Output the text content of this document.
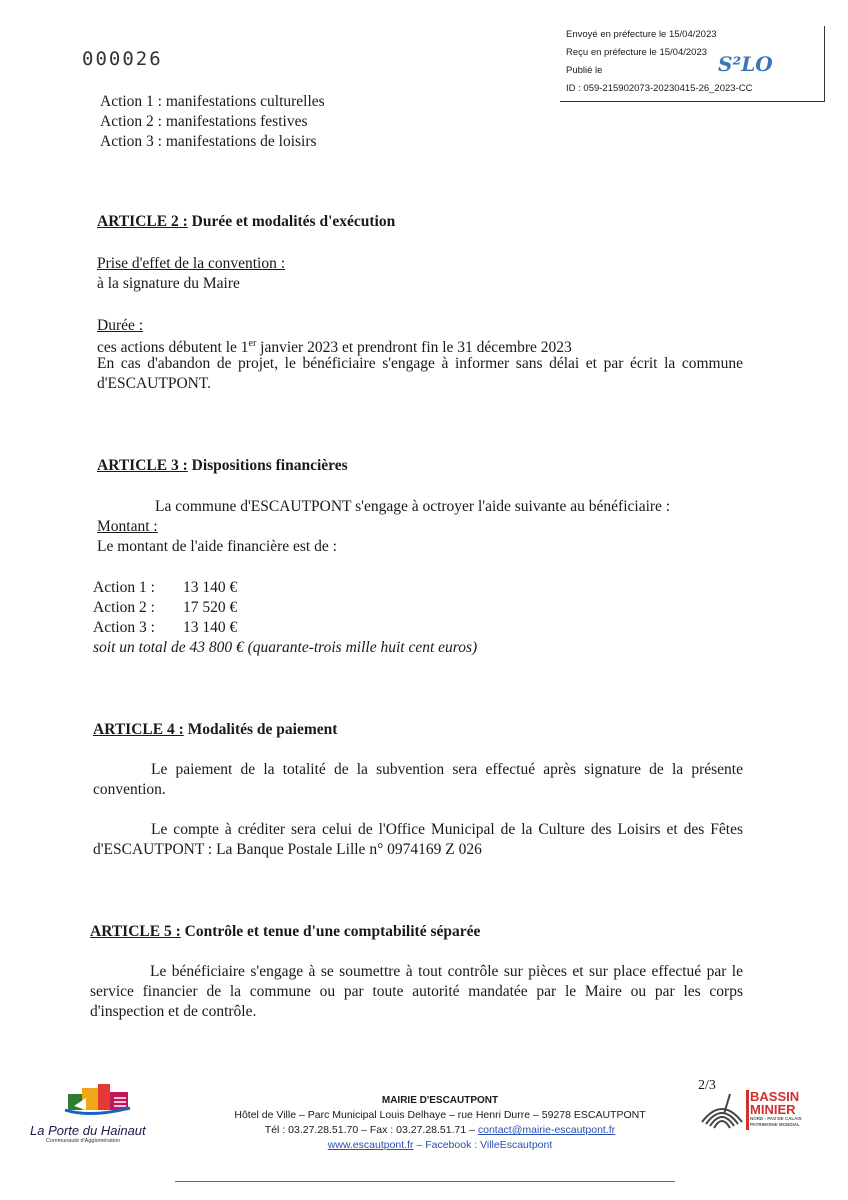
000026
Envoyé en préfecture le 15/04/2023
Reçu en préfecture le 15/04/2023
Publié le
ID : 059-215902073-20230415-26_2023-CC
S²LO
Action 1 : manifestations culturelles
Action 2 : manifestations festives
Action 3 : manifestations de loisirs
ARTICLE 2 : Durée et modalités d'exécution
Prise d'effet de la convention :
à la signature du Maire
Durée :
ces actions débutent le 1er janvier 2023 et prendront fin le 31 décembre 2023
En cas d'abandon de projet, le bénéficiaire s'engage à informer sans délai et par écrit la commune d'ESCAUTPONT.
ARTICLE 3 : Dispositions financières
La commune d'ESCAUTPONT s'engage à octroyer l'aide suivante au bénéficiaire :
Montant :
Le montant de l'aide financière est de :
Action 1 : 13 140 €
Action 2 : 17 520 €
Action 3 : 13 140 €
soit un total de 43 800 € (quarante-trois mille huit cent euros)
ARTICLE 4 : Modalités de paiement
Le paiement de la totalité de la subvention sera effectué après signature de la présente convention.
Le compte à créditer sera celui de l'Office Municipal de la Culture des Loisirs et des Fêtes d'ESCAUTPONT : La Banque Postale Lille n° 0974169 Z 026
ARTICLE 5 : Contrôle et tenue d'une comptabilité séparée
Le bénéficiaire s'engage à se soumettre à tout contrôle sur pièces et sur place effectué par le service financier de la commune ou par toute autorité mandatée par le Maire ou par les corps d'inspection et de contrôle.
La Porte du Hainaut
Communauté d'Agglomération
MAIRIE D'ESCAUTPONT
Hôtel de Ville – Parc Municipal Louis Delhaye – rue Henri Durre – 59278 ESCAUTPONT
Tél : 03.27.28.51.70 – Fax : 03.27.28.51.71 – contact@mairie-escautpont.fr
www.escautpont.fr – Facebook : VilleEscautpont
2/3
BASSIN
MINIER
NORD - PAS DE CALAIS
PATRIMOINE MONDIAL
